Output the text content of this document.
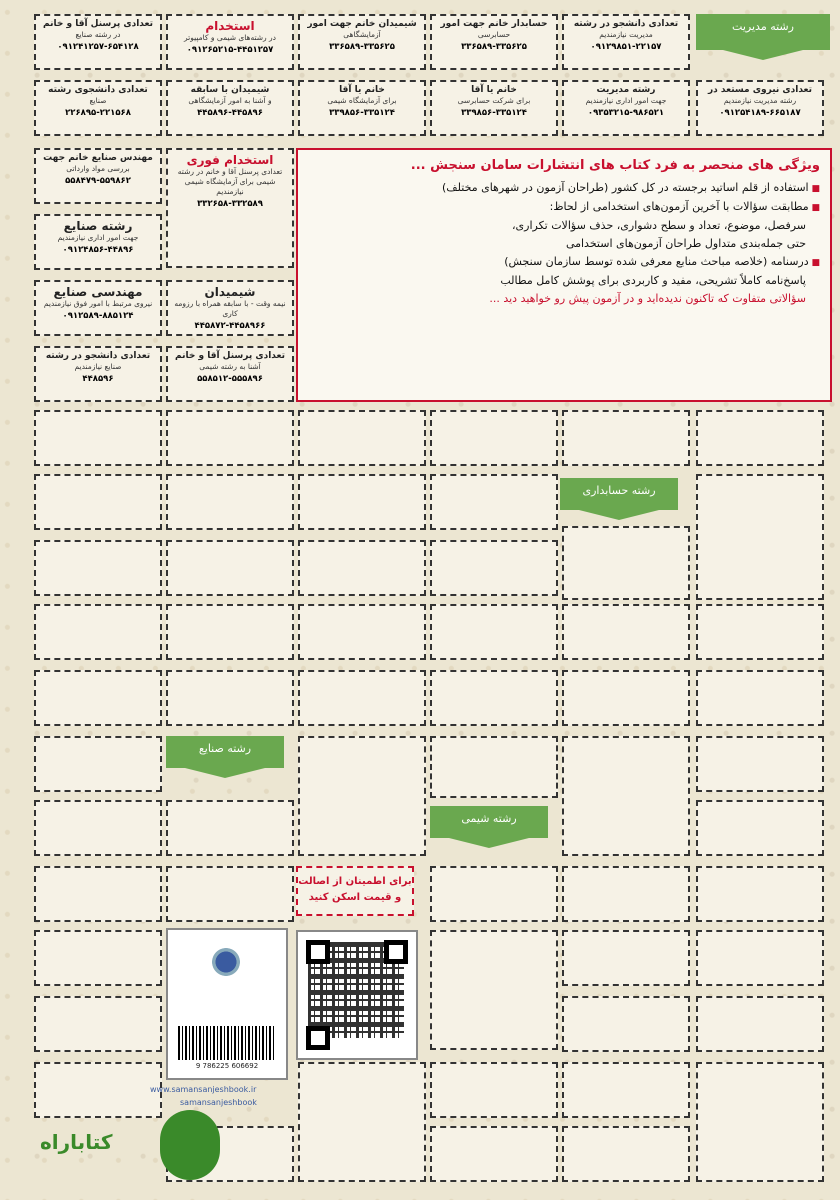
رشته مدیریت
رشته حسابداری
رشته صنایع
رشته شیمی
تعدادی پرسنل آقا و خانم
در رشته صنایع
۰۹۱۲۴۱۲۵۷-۶۵۴۱۲۸
استخدام
در رشته‌های شیمی و کامپیوتر
۰۹۱۲۶۵۲۱۵-۴۴۵۱۲۵۷
شیمیدان خانم جهت امور
آزمایشگاهی
۳۳۶۵۸۹-۳۳۵۶۲۵
حسابدار خانم جهت امور
حسابرسی
۳۳۶۵۸۹-۳۳۵۶۲۵
تعدادی دانشجو در رشته
مدیریت نیازمندیم
۰۹۱۲۹۸۵۱-۲۲۱۵۷
تعدادی دانشجوی رشته
صنایع
۲۲۶۸۹۵-۲۲۱۵۶۸
شیمیدان با سابقه
و آشنا به امور آزمایشگاهی
۴۴۵۸۹۶-۴۴۵۸۹۶
خانم یا آقا
برای آزمایشگاه شیمی
۳۳۹۸۵۶-۳۳۵۱۲۴
خانم یا آقا
برای شرکت حسابرسی
۳۳۹۸۵۶-۳۳۵۱۲۴
رشته مدیریت
جهت امور اداری نیازمندیم
۰۹۳۵۳۲۱۵-۹۸۶۵۲۱
تعدادی نیروی مستعد در
رشته مدیریت نیازمندیم
۰۹۱۲۵۴۱۸۹-۶۶۵۱۸۷
مهندس صنایع خانم جهت
بررسی مواد وارداتی
۵۵۸۴۷۹-۵۵۹۸۶۲
رشته صنایع
جهت امور اداری نیازمندیم
۰۹۱۲۴۸۵۶-۴۴۸۹۶
مهندسی صنایع
نیروی مرتبط با امور فوق نیازمندیم
۰۹۱۲۵۸۹-۸۸۵۱۲۴
تعدادی دانشجو در رشته
صنایع نیازمندیم
۴۴۸۵۹۶
استخدام فوری
تعدادی پرسنل آقا و خانم در رشته شیمی برای آزمایشگاه شیمی نیازمندیم
۳۳۲۶۵۸-۳۳۲۵۸۹
شیمیدان
نیمه وقت - با سابقه همراه با رزومه کاری
۴۴۵۸۷۲-۴۴۵۸۹۶۶
تعدادی پرسنل آقا و خانم
آشنا به رشته شیمی
۵۵۸۵۱۲-۵۵۵۸۹۶
ویژگی های منحصر به فرد کتاب های انتشارات سامان سنجش ...
■ استفاده از قلم اساتید برجسته در کل کشور (طراحان آزمون در شهرهای مختلف)
■ مطابقت سؤالات با آخرین آزمون‌های استخدامی از لحاظ:
سرفصل، موضوع، تعداد و سطح دشواری، حذف سؤالات تکراری،
حتی جمله‌بندی متداول طراحان آزمون‌های استخدامی
■ درسنامه (خلاصه مباحث منابع معرفی شده توسط سازمان سنجش)
پاسخ‌نامه کاملاً تشریحی، مفید و کاربردی برای پوشش کامل مطالب
سؤالاتی متفاوت که تاکنون ندیده‌اید و در آزمون پیش رو خواهید دید ...
برای اطمینان از اصالت و قیمت اسکن کنید
9 786225 606692
www.samansanjeshbook.ir
samansanjeshbook
کتاباراه
